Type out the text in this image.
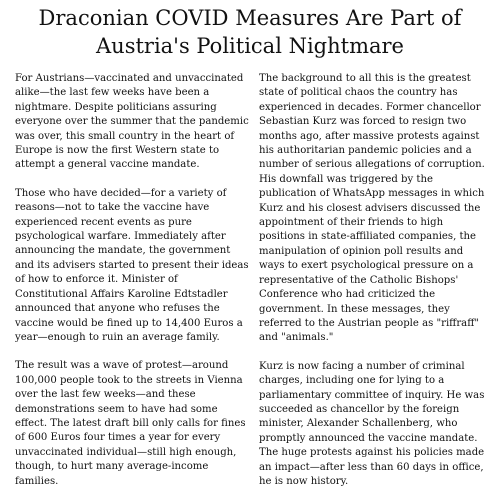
Draconian COVID Measures Are Part of Austria's Political Nightmare

For Austrians—vaccinated and unvaccinated alike—the last few weeks have been a nightmare. Despite politicians assuring everyone over the summer that the pandemic was over, this small country in the heart of Europe is now the first Western state to attempt a general vaccine mandate.

Those who have decided—for a variety of reasons—not to take the vaccine have experienced recent events as pure psychological warfare. Immediately after announcing the mandate, the government and its advisers started to present their ideas of how to enforce it. Minister of Constitutional Affairs Karoline Edtstadler announced that anyone who refuses the vaccine would be fined up to 14,400 Euros a year—enough to ruin an average family.

The result was a wave of protest—around 100,000 people took to the streets in Vienna over the last few weeks—and these demonstrations seem to have had some effect. The latest draft bill only calls for fines of 600 Euros four times a year for every unvaccinated individual—still high enough, though, to hurt many average-income families.

The background to all this is the greatest state of political chaos the country has experienced in decades. Former chancellor Sebastian Kurz was forced to resign two months ago, after massive protests against his authoritarian pandemic policies and a number of serious allegations of corruption. His downfall was triggered by the publication of WhatsApp messages in which Kurz and his closest advisers discussed the appointment of their friends to high positions in state-affiliated companies, the manipulation of opinion poll results and ways to exert psychological pressure on a representative of the Catholic Bishops' Conference who had criticized the government. In these messages, they referred to the Austrian people as "riffraff" and "animals."

Kurz is now facing a number of criminal charges, including one for lying to a parliamentary committee of inquiry. He was succeeded as chancellor by the foreign minister, Alexander Schallenberg, who promptly announced the vaccine mandate. The huge protests against his policies made an impact—after less than 60 days in office, he is now history.
